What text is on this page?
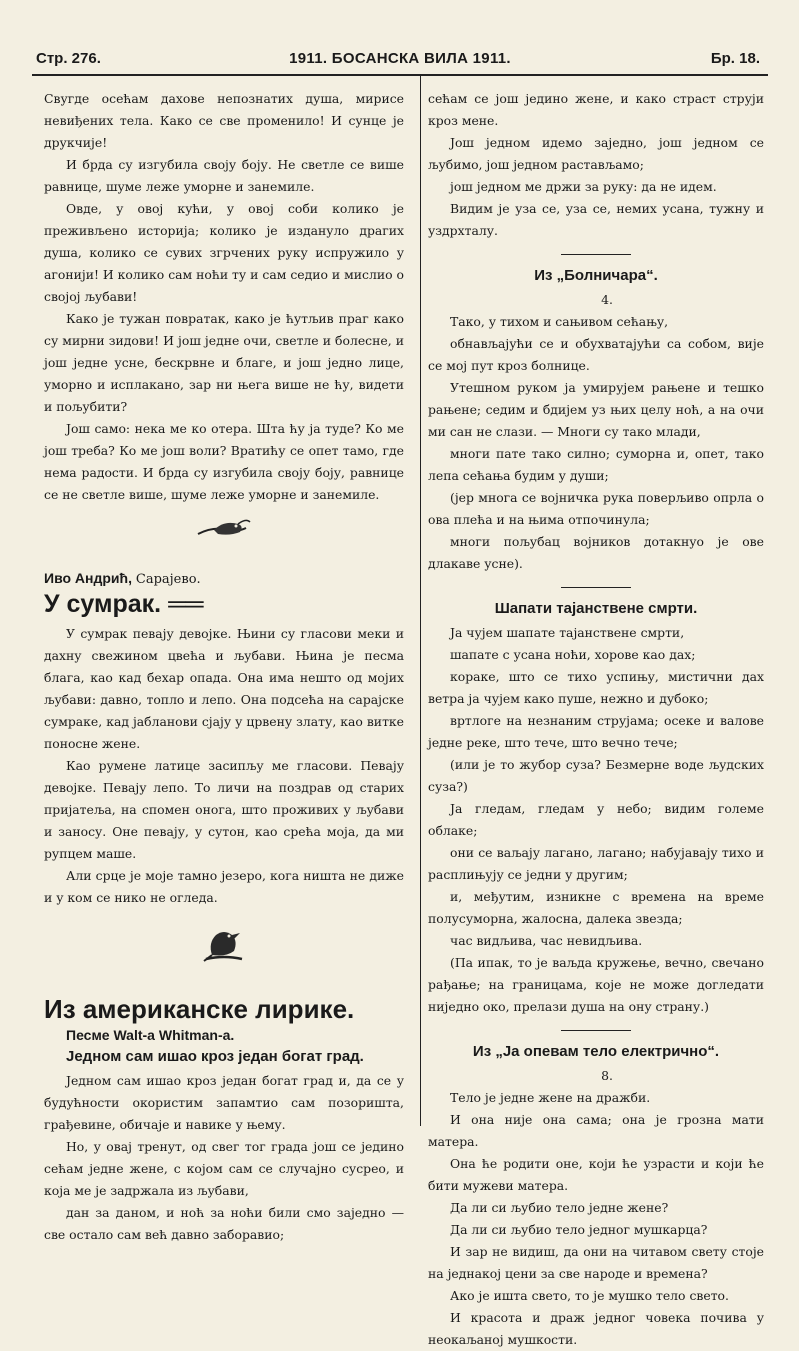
Стр. 276.	1911. БОСАНСКА ВИЛА 1911.	Бр. 18.

Свугде осећам дахове непознатих душа, мирисе невиђених тела. Како се све променило! И сунце је друкчије!

И брда су изгубила своју боју. Не светле се више равнице, шуме леже уморне и занемиле.

Овде, у овој кући, у овој соби колико је преживљено историја; колико је издануло драгих душа, колико се сувих згрчених руку испружило у агонији! И колико сам ноћи ту и сам седио и мислио о својој љубави!

Како је тужан повратак, како је ћутљив праг како су мирни зидови! И још једне очи, светле и болесне, и још једне усне, бескрвне и благе, и још једно лице, уморно и исплакано, зар ни њега више не ћу, видети и пољубити?

Још само: нека ме ко отера. Шта ћу ја туде? Ко ме још треба? Ко ме још воли? Вратићу се опет тамо, где нема радости. И брда су изгубила своју боју, равнице се не светле више, шуме леже уморне и занемиле.

Иво Андрић, Сарајево.
У сумрак. ══

У сумрак певају девојке. Њини су гласови меки и дахну свежином цвећа и љубави. Њина је песма блага, као кад бехар опада. Она има нешто од мојих љубави: давно, топло и лепо. Она подсећа на сарајске сумраке, кад јабланови сјају у црвену злату, као витке поносне жене.

Као румене латице засипљу ме гласови. Певају девојке. Певају лепо. То личи на поздрав од старих пријатеља, на спомен оногa, што проживих у љубави и заносу. Оне певају, у сутон, као срећа моја, да ми рупцем маше.

Али срце је моје тамно језеро, кога ништа не диже и у ком се нико не огледа.

Из американске лирике.

Песме Walt-a Whitman-a.

Једном сам ишао кроз један богат град.

Једном сам ишао кроз један богат град и, да се у будућности окористим запамтио сам позоришта, грађевине, обичаје и навике у њему.

Но, у овај тренут, од свег тог града још се једино сећам једне жене, с којом сам се случајно сусрео, и која ме је задржала из љубави,

дан за даном, и ноћ за ноћи били смо заједно — све остало сам већ давно заборавио;

сећам се још једино жене, и како страст струји кроз мене.

Још једном идемо заједно, још једном се љубимо, још једном растављамо;

још једном ме држи за руку: да не идем.

Видим је уза се, уза се, немих усана, тужну и уздрхталу.

Из „Болничара“.

4.

Тако, у тихом и сањивом сећању,

обнављајући се и обухватајући са собом, вије се мој пут кроз болнице.

Утешном руком ја умирујем рањене и тешко рањене; седим и бдијем уз њих целу ноћ, а на очи ми сан не слази. — Многи су тако млади,

многи пате тако силно; суморна и, опет, тако лепа сећања будим у души;

(јер многа се војничка рука поверљиво опрла о ова плећа и на њима отпочинула;

многи пољубац војников дотакнуо је ове длакаве усне).

Шапати тајанствене смрти.

Ја чујем шапате тајанствене смрти,

шапате с усана ноћи, хорове као дах;

кораке, што се тихо успињу, мистични дах ветра ја чујем како пуше, нежно и дубоко;

вртлоге на незнаним струјама; осеке и валове једне реке, што тече, што вечно тече;

(или је то жубор суза? Безмерне воде људских суза?)

Ја гледам, гледам у небо; видим големе облаке;

они се ваљају лагано, лагано; набујавају тихо и расплињују се једни у другим;

и, међутим, изникне с времена на време полусуморна, жалосна, далека звезда;

час видљива, час невидљива.

(Па ипак, то је ваљда кружење, вечно, свечано рађање; на границама, које не може догледати ниједно око, прелази душа на ону страну.)

Из „Ја опевам тело електрично“.

8.

Тело је једне жене на дражби.

И она није она сама; она је грозна мати матера.

Она ће родити оне, који ће узрасти и који ће бити мужеви матера.

Да ли си љубио тело једне жене?

Да ли си љубио тело једног мушкарца?

И зар не видиш, да они на читавом свету стоје на једнакој цени за све народе и времена?

Ако је ишта свето, то је мушко тело свето.

И красота и драж једног човека почива у неокаљаној мушкости.
